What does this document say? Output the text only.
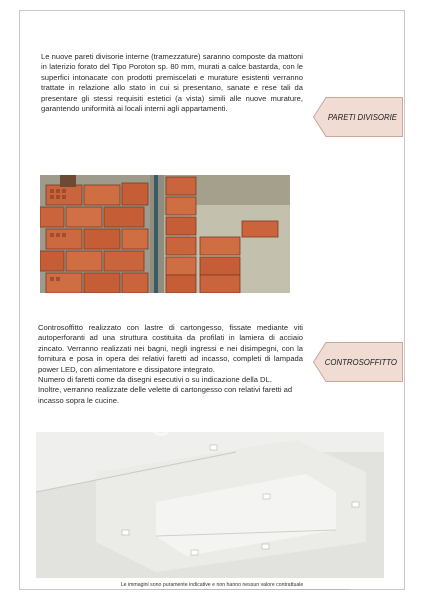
Le nuove pareti divisorie interne (tramezzature) saranno composte da mattoni in laterizio forato del Tipo Poroton sp. 80 mm, murati a calce bastarda, con le superfici intonacate con prodotti premiscelati e murature esistenti verranno trattate in relazione allo stato in cui si presentano, sanate e rese tali da presentare gli stessi requisiti estetici (a vista) simili alle nuove murature, garantendo uniformità ai locali interni agli appartamenti.

PARETI DIVISORIE
Controsoffitto realizzato con lastre di cartongesso, fissate mediante viti autoperforanti ad una struttura costituita da profilati in lamiera di acciaio zincato. Verranno realizzati nei bagni, negli ingressi e nei disimpegni, con la fornitura e posa in opera dei relativi faretti ad incasso, completi di lampada power LED, con alimentatore e dissipatore integrato.
Numero di faretti come da disegni esecutivi o su indicazione della DL.
Inoltre, verranno realizzate delle velette di cartongesso con relativi faretti ad incasso sopra le cucine.
CONTROSOFFITTO
casa.it
Le immagini sono puramente indicative e non hanno nessun valore contrattuale
